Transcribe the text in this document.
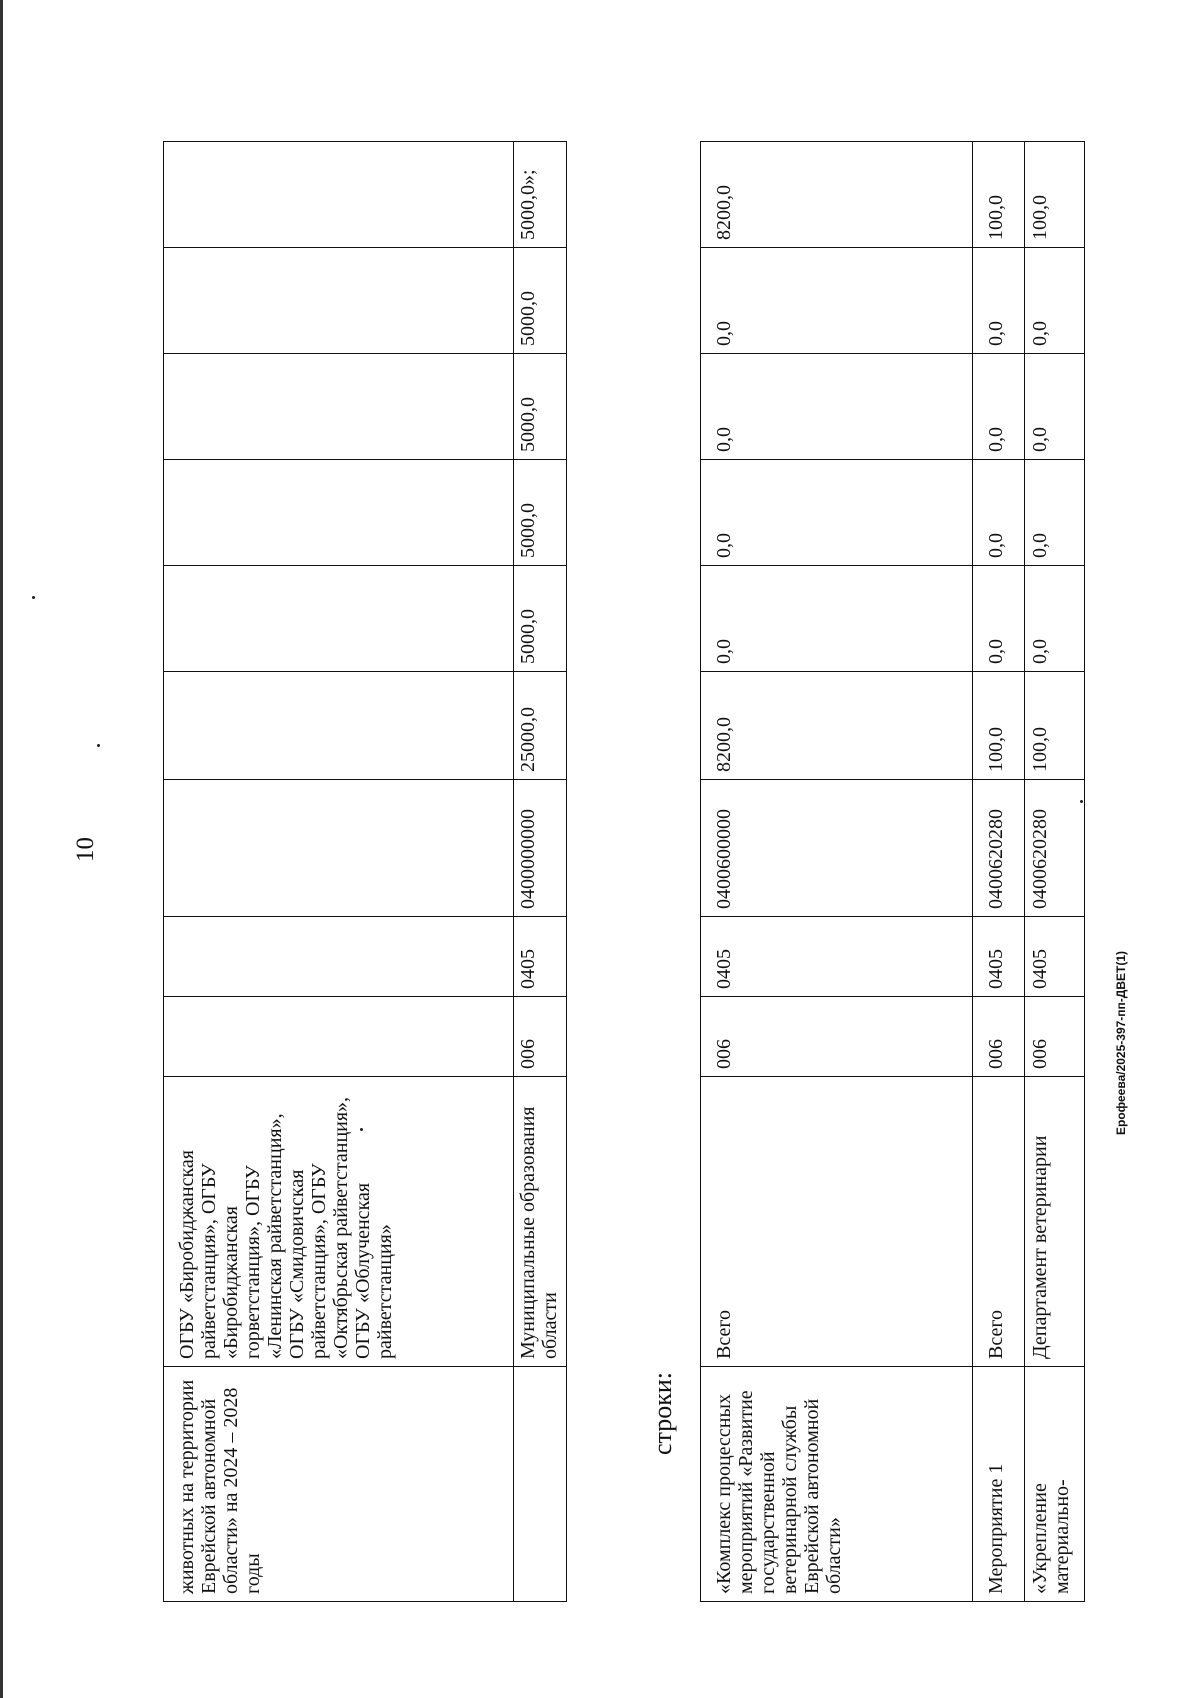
10
животных на территории Еврейской автономной области» на 2024 – 2028 годы	ОГБУ «Биробиджанская райветстанция», ОГБУ «Биробиджанская горветстанция», ОГБУ «Ленинская райветстанция», ОГБУ «Смидовичская райветстанция», ОГБУ «Октябрьская райветстанция», ОГБУ «Облученская райветстанция»									
	Муниципальные образования области	006	0405	0400000000	25000,0	5000,0	5000,0	5000,0	5000,0	5000,0»;
строки: «Комплекс процессных мероприятий «Развитие государственной ветеринарной службы Еврейской автономной области»	Всего	006	0405	0400600000	8200,0	0,0	0,0	0,0	0,0	8200,0
Мероприятие 1	Всего	006	0405	0400620280	100,0	0,0	0,0	0,0	0,0	100,0
«Укрепление материально-	Департамент ветеринарии	006	0405	0400620280	100,0	0,0	0,0	0,0	0,0	100,0
Ерофеева/2025-397-пп-ДВЕТ(1)
